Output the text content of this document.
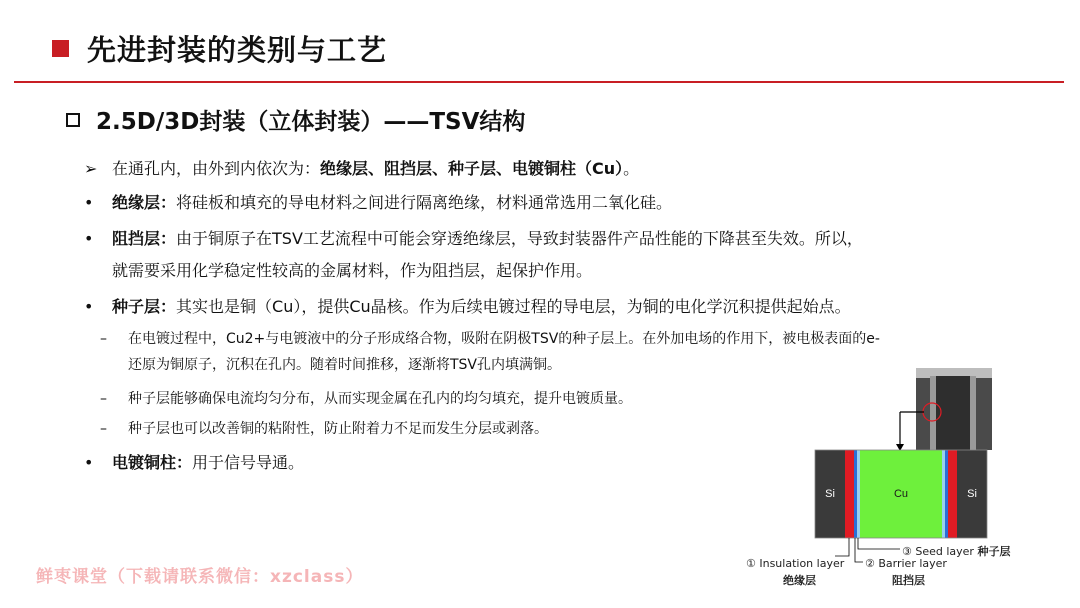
先进封装的类别与工艺
2.5D/3D封装（立体封装）——TSV结构
➢ 在通孔内，由外到内依次为：绝缘层、阻挡层、种子层、电镀铜柱（Cu）。
• 绝缘层：将硅板和填充的导电材料之间进行隔离绝缘，材料通常选用二氧化硅。
• 阻挡层：由于铜原子在TSV工艺流程中可能会穿透绝缘层，导致封装器件产品性能的下降甚至失效。所以，
就需要采用化学稳定性较高的金属材料，作为阻挡层，起保护作用。
• 种子层：其实也是铜（Cu），提供Cu晶核。作为后续电镀过程的导电层，为铜的电化学沉积提供起始点。
– 在电镀过程中，Cu2+与电镀液中的分子形成络合物，吸附在阴极TSV的种子层上。在外加电场的作用下，被电极表面的e-
还原为铜原子，沉积在孔内。随着时间推移，逐渐将TSV孔内填满铜。
– 种子层能够确保电流均匀分布，从而实现金属在孔内的均匀填充，提升电镀质量。
– 种子层也可以改善铜的粘附性，防止附着力不足而发生分层或剥落。
• 电镀铜柱：用于信号导通。
Si	Cu	Si
① Insulation layer
绝缘层
② Barrier layer
阻挡层
③ Seed layer 种子层
鲜枣课堂（下载请联系微信：xzclass）
